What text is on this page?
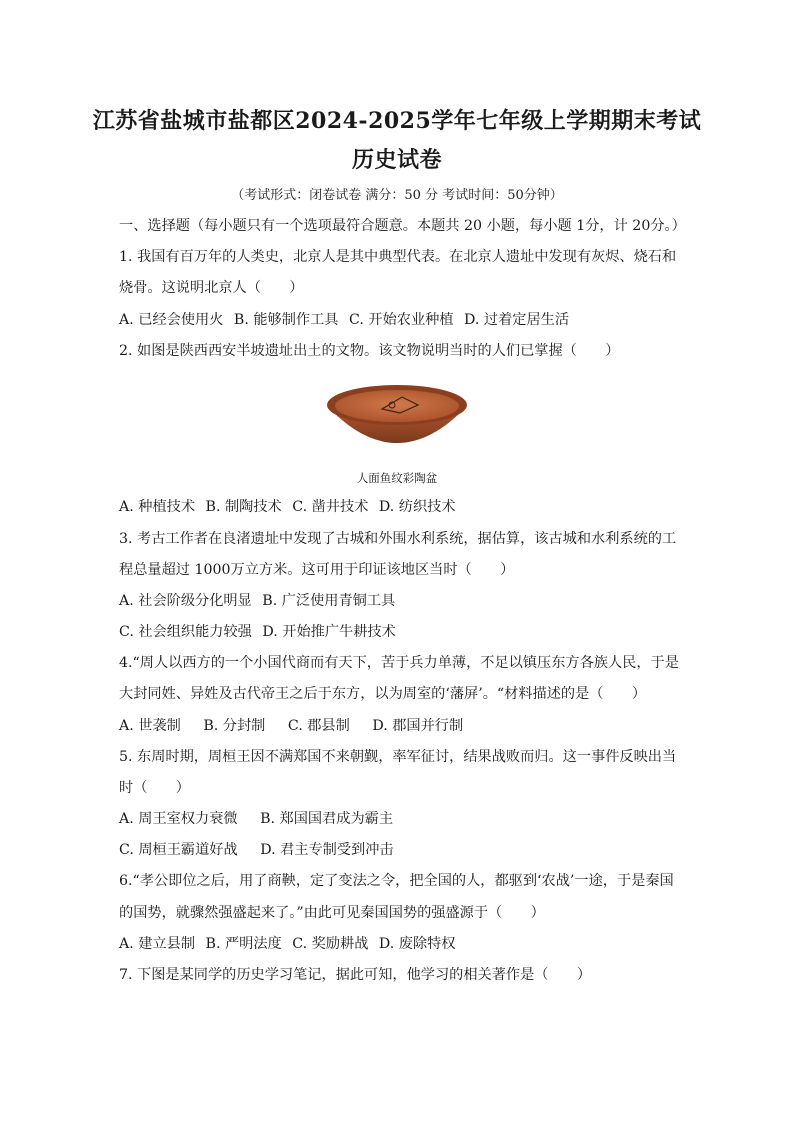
江苏省盐城市盐都区2024-2025学年七年级上学期期末考试
历史试卷
（考试形式：闭卷试卷 满分：50 分 考试时间：50分钟）
一、选择题（每小题只有一个选项最符合题意。本题共 20 小题，每小题 1分，计 20分。）
1. 我国有百万年的人类史，北京人是其中典型代表。在北京人遗址中发现有灰烬、烧石和
烧骨。这说明北京人（　　）
A. 已经会使用火 B. 能够制作工具 C. 开始农业种植 D. 过着定居生活
2. 如图是陕西西安半坡遗址出土的文物。该文物说明当时的人们已掌握（　　）
人面鱼纹彩陶盆
A. 种植技术 B. 制陶技术 C. 凿井技术 D. 纺织技术
3. 考古工作者在良渚遗址中发现了古城和外围水利系统，据估算，该古城和水利系统的工
程总量超过 1000万立方米。这可用于印证该地区当时（　　）
A. 社会阶级分化明显 B. 广泛使用青铜工具
C. 社会组织能力较强 D. 开始推广牛耕技术
4.“周人以西方的一个小国代商而有天下，苦于兵力单薄，不足以镇压东方各族人民，于是
大封同姓、异姓及古代帝王之后于东方，以为周室的‘藩屏’。“材料描述的是（　　）
A. 世袭制 B. 分封制 C. 郡县制 D. 郡国并行制
5. 东周时期，周桓王因不满郑国不来朝觐，率军征讨，结果战败而归。这一事件反映出当
时（　　）
A. 周王室权力衰微 B. 郑国国君成为霸主
C. 周桓王霸道好战 D. 君主专制受到冲击
6.“孝公即位之后，用了商鞅，定了变法之令，把全国的人，都驱到‘农战’一途，于是秦国
的国势，就骤然强盛起来了。”由此可见秦国国势的强盛源于（　　）
A. 建立县制 B. 严明法度 C. 奖励耕战 D. 废除特权
7. 下图是某同学的历史学习笔记，据此可知，他学习的相关著作是（　　）
